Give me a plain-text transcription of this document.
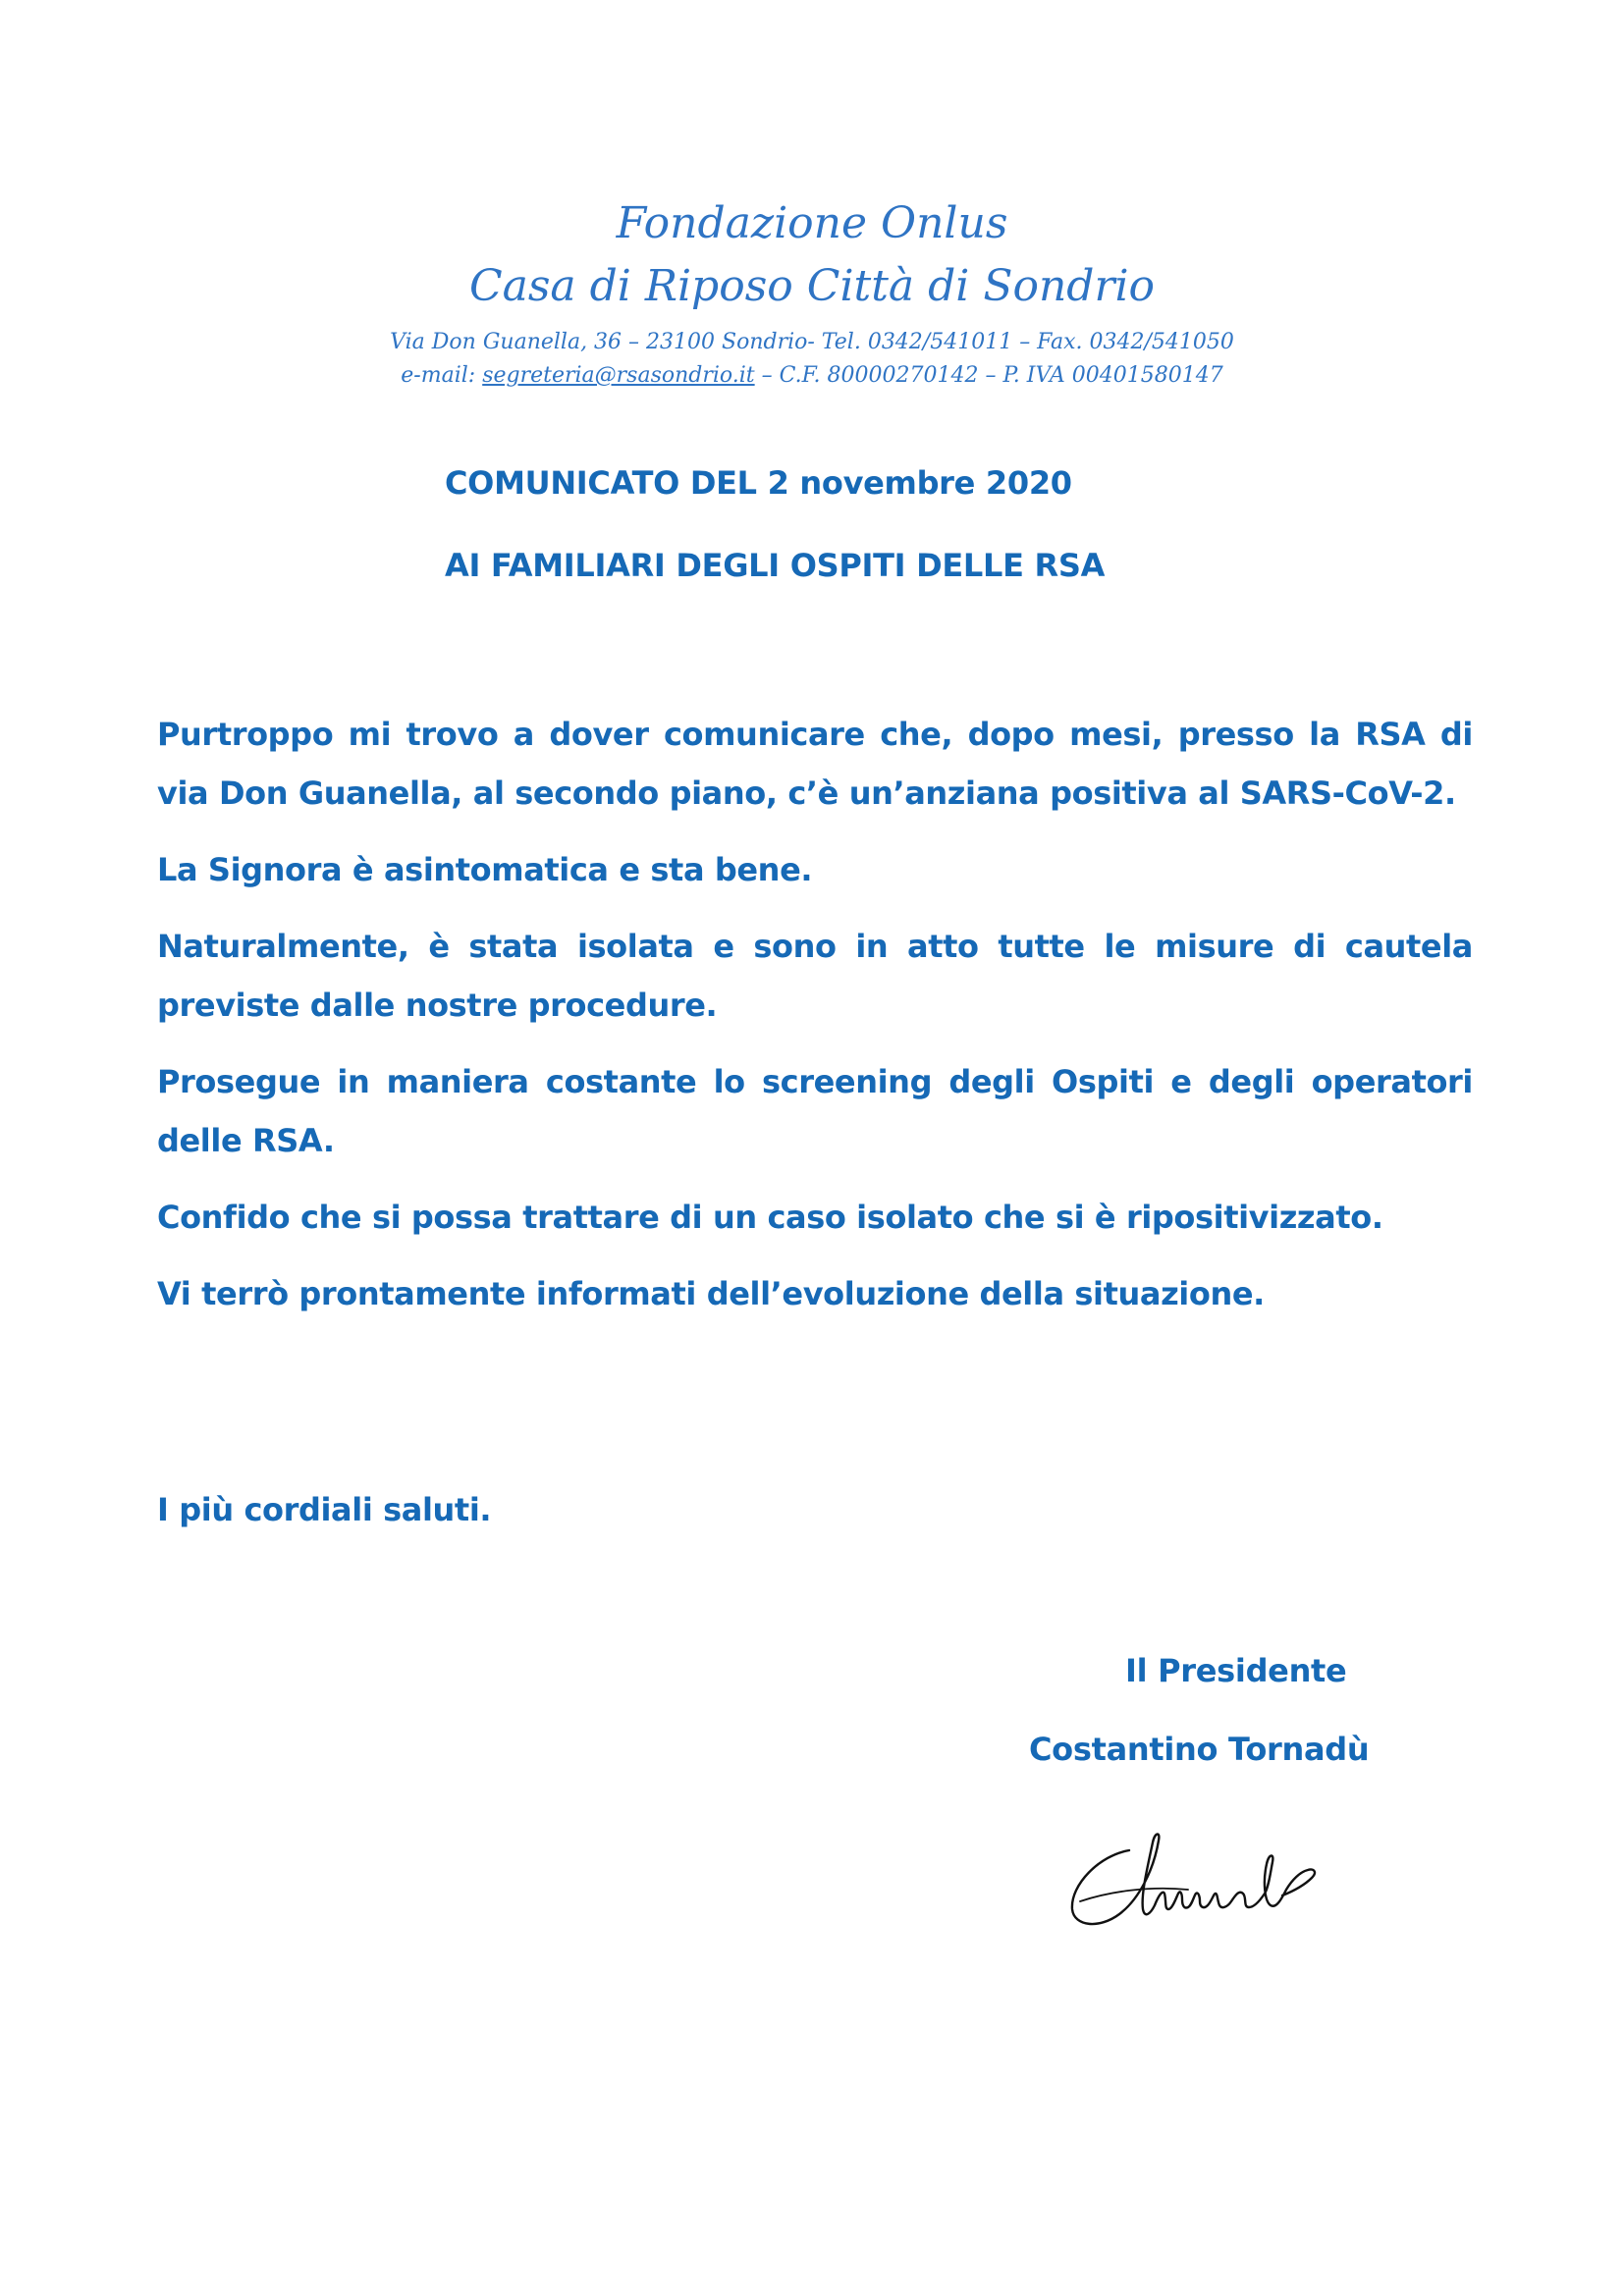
Fondazione Onlus
Casa di Riposo Città di Sondrio
Via Don Guanella, 36 – 23100 Sondrio- Tel. 0342/541011 – Fax. 0342/541050
e-mail: segreteria@rsasondrio.it – C.F. 80000270142 – P. IVA 00401580147
COMUNICATO DEL 2 novembre 2020
AI FAMILIARI DEGLI OSPITI DELLE RSA

Purtroppo mi trovo a dover comunicare che, dopo mesi, presso la RSA di via Don Guanella, al secondo piano, c’è un’anziana positiva al SARS-CoV-2.

La Signora è asintomatica e sta bene.

Naturalmente, è stata isolata e sono in atto tutte le misure di cautela previste dalle nostre procedure.

Prosegue in maniera costante lo screening degli Ospiti e degli operatori delle RSA.

Confido che si possa trattare di un caso isolato che si è ripositivizzato.

Vi terrò prontamente informati dell’evoluzione della situazione.

I più cordiali saluti.
Il Presidente
Costantino Tornadù
